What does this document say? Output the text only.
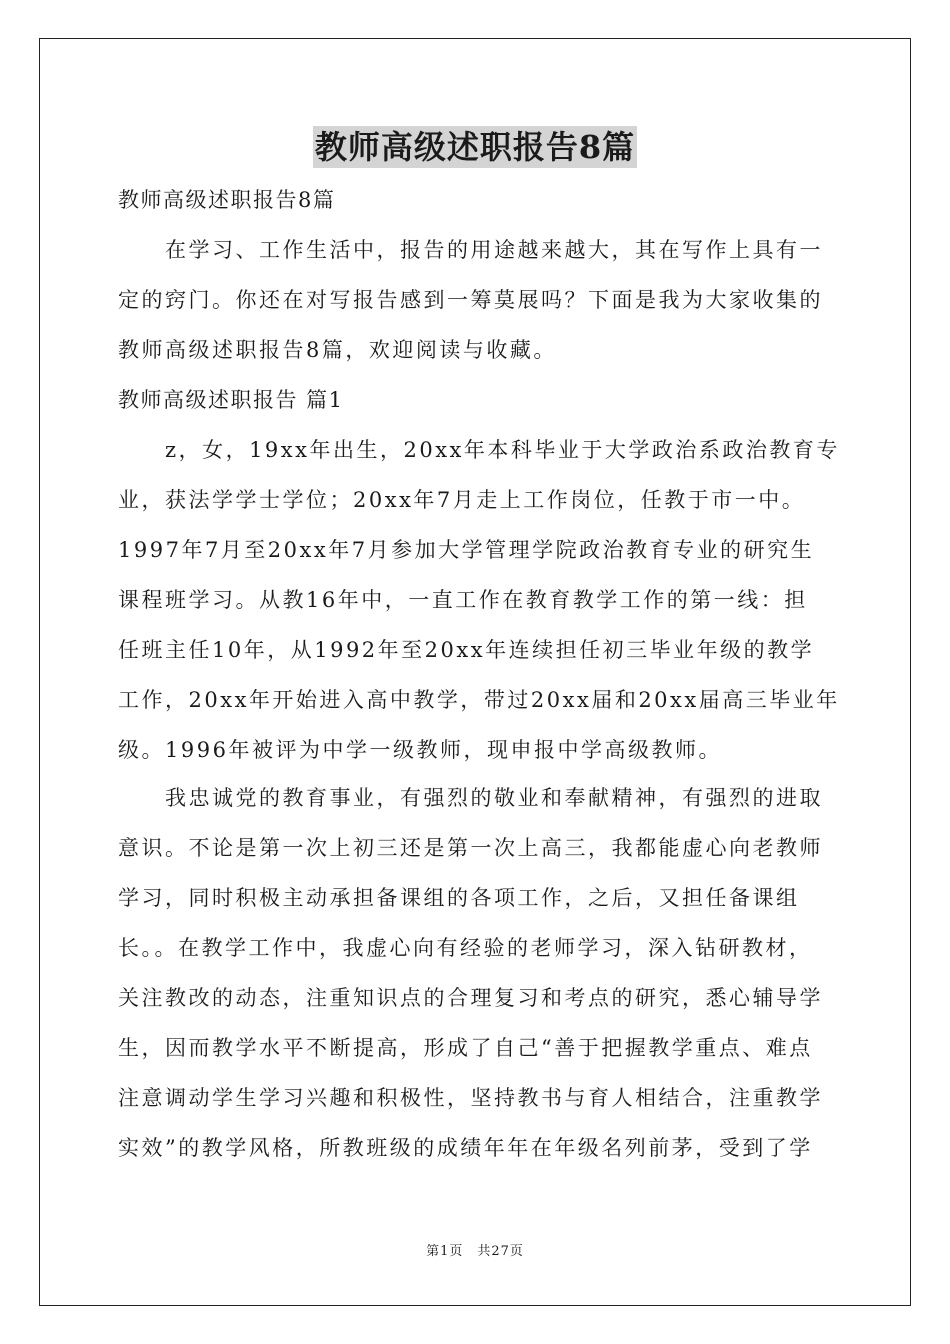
教师高级述职报告8篇
教师高级述职报告8篇
　　在学习、工作生活中，报告的用途越来越大，其在写作上具有一
定的窍门。你还在对写报告感到一筹莫展吗？下面是我为大家收集的
教师高级述职报告8篇，欢迎阅读与收藏。
教师高级述职报告 篇1
　　z，女，19xx年出生，20xx年本科毕业于大学政治系政治教育专
业，获法学学士学位；20xx年7月走上工作岗位，任教于市一中。
1997年7月至20xx年7月参加大学管理学院政治教育专业的研究生
课程班学习。从教16年中，一直工作在教育教学工作的第一线：担
任班主任10年，从1992年至20xx年连续担任初三毕业年级的教学
工作，20xx年开始进入高中教学，带过20xx届和20xx届高三毕业年
级。1996年被评为中学一级教师，现申报中学高级教师。
　　我忠诚党的教育事业，有强烈的敬业和奉献精神，有强烈的进取
意识。不论是第一次上初三还是第一次上高三，我都能虚心向老教师
学习，同时积极主动承担备课组的各项工作，之后，又担任备课组
长。。在教学工作中，我虚心向有经验的老师学习，深入钻研教材，
关注教改的动态，注重知识点的合理复习和考点的研究，悉心辅导学
生，因而教学水平不断提高，形成了自己“善于把握教学重点、难点
注意调动学生学习兴趣和积极性，坚持教书与育人相结合，注重教学
实效”的教学风格，所教班级的成绩年年在年级名列前茅，受到了学
第1页　共27页
